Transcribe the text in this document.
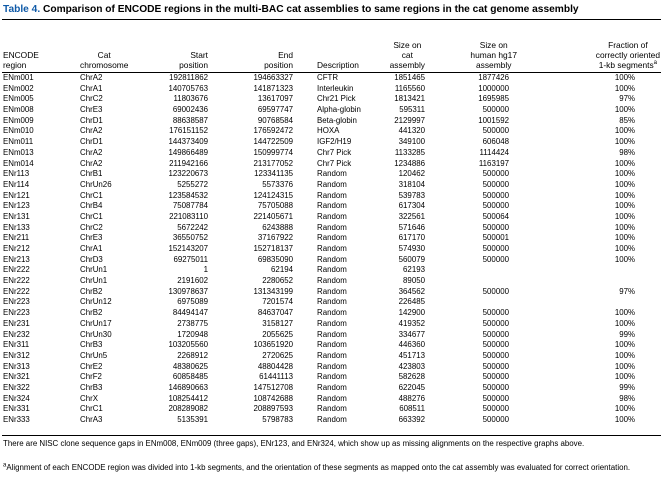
Table 4. Comparison of ENCODE regions in the multi-BAC cat assemblies to same regions in the cat genome assembly
ENCODE
region
Cat
chromosome
Start
position
End
position	Description
Size on
cat
assembly
Size on
human hg17
assembly
Fraction of
correctly oriented
1-kb segments$^a$
ENm001	ChrA2	192811862	194663327	CFTR	1851465	1877426	100%
ENm002	ChrA1	140705763	141871323	Interleukin	1165560	1000000	100%
ENm005	ChrC2	11803676	13617097	Chr21 Pick	1813421	1695985	97%
ENm008	ChrE3	69002436	69597747	Alpha-globin	595311	500000	100%
ENm009	ChrD1	88638587	90768584	Beta-globin	2129997	1001592	85%
ENm010	ChrA2	176151152	176592472	HOXA	441320	500000	100%
ENm011	ChrD1	144373409	144722509	IGF2/H19	349100	606048	100%
ENm013	ChrA2	149866489	150999774	Chr7 Pick	1133285	1114424	98%
ENm014	ChrA2	211942166	213177052	Chr7 Pick	1234886	1163197	100%
ENr113	ChrB1	123220673	123341135	Random	120462	500000	100%
ENr114	ChrUn26	5255272	5573376	Random	318104	500000	100%
ENr121	ChrC1	123584532	124124315	Random	539783	500000	100%
ENr123	ChrB4	75087784	75705088	Random	617304	500000	100%
ENr131	ChrC1	221083110	221405671	Random	322561	500064	100%
ENr133	ChrC2	5672242	6243888	Random	571646	500000	100%
ENr211	ChrE3	36550752	37167922	Random	617170	500001	100%
ENr212	ChrA1	152143207	152718137	Random	574930	500000	100%
ENr213	ChrD3	69275011	69835090	Random	560079	500000	100%
ENr222	ChrUn1	1	62194	Random	62193
ENr222	ChrUn1	2191602	2280652	Random	89050
ENr222	ChrB2	130978637	131343199	Random	364562	500000	97%
ENr223	ChrUn12	6975089	7201574	Random	226485
ENr223	ChrB2	84494147	84637047	Random	142900	500000	100%
ENr231	ChrUn17	2738775	3158127	Random	419352	500000	100%
ENr232	ChrUn30	1720948	2055625	Random	334677	500000	99%
ENr311	ChrB3	103205560	103651920	Random	446360	500000	100%
ENr312	ChrUn5	2268912	2720625	Random	451713	500000	100%
ENr313	ChrE2	48380625	48804428	Random	423803	500000	100%
ENr321	ChrF2	60858485	61441113	Random	582628	500000	100%
ENr322	ChrB3	146890663	147512708	Random	622045	500000	99%
ENr324	ChrX	108254412	108742688	Random	488276	500000	98%
ENr331	ChrC1	208289082	208897593	Random	608511	500000	100%
ENr333	ChrA3	5135391	5798783	Random	663392	500000	100%
There are NISC clone sequence gaps in ENm008, ENm009 (three gaps), ENr123, and ENr324, which show up as missing alignments on the respective graphs above.
$^a$Alignment of each ENCODE region was divided into 1-kb segments, and the orientation of these segments as mapped onto the cat assembly was evaluated for correct orientation.
